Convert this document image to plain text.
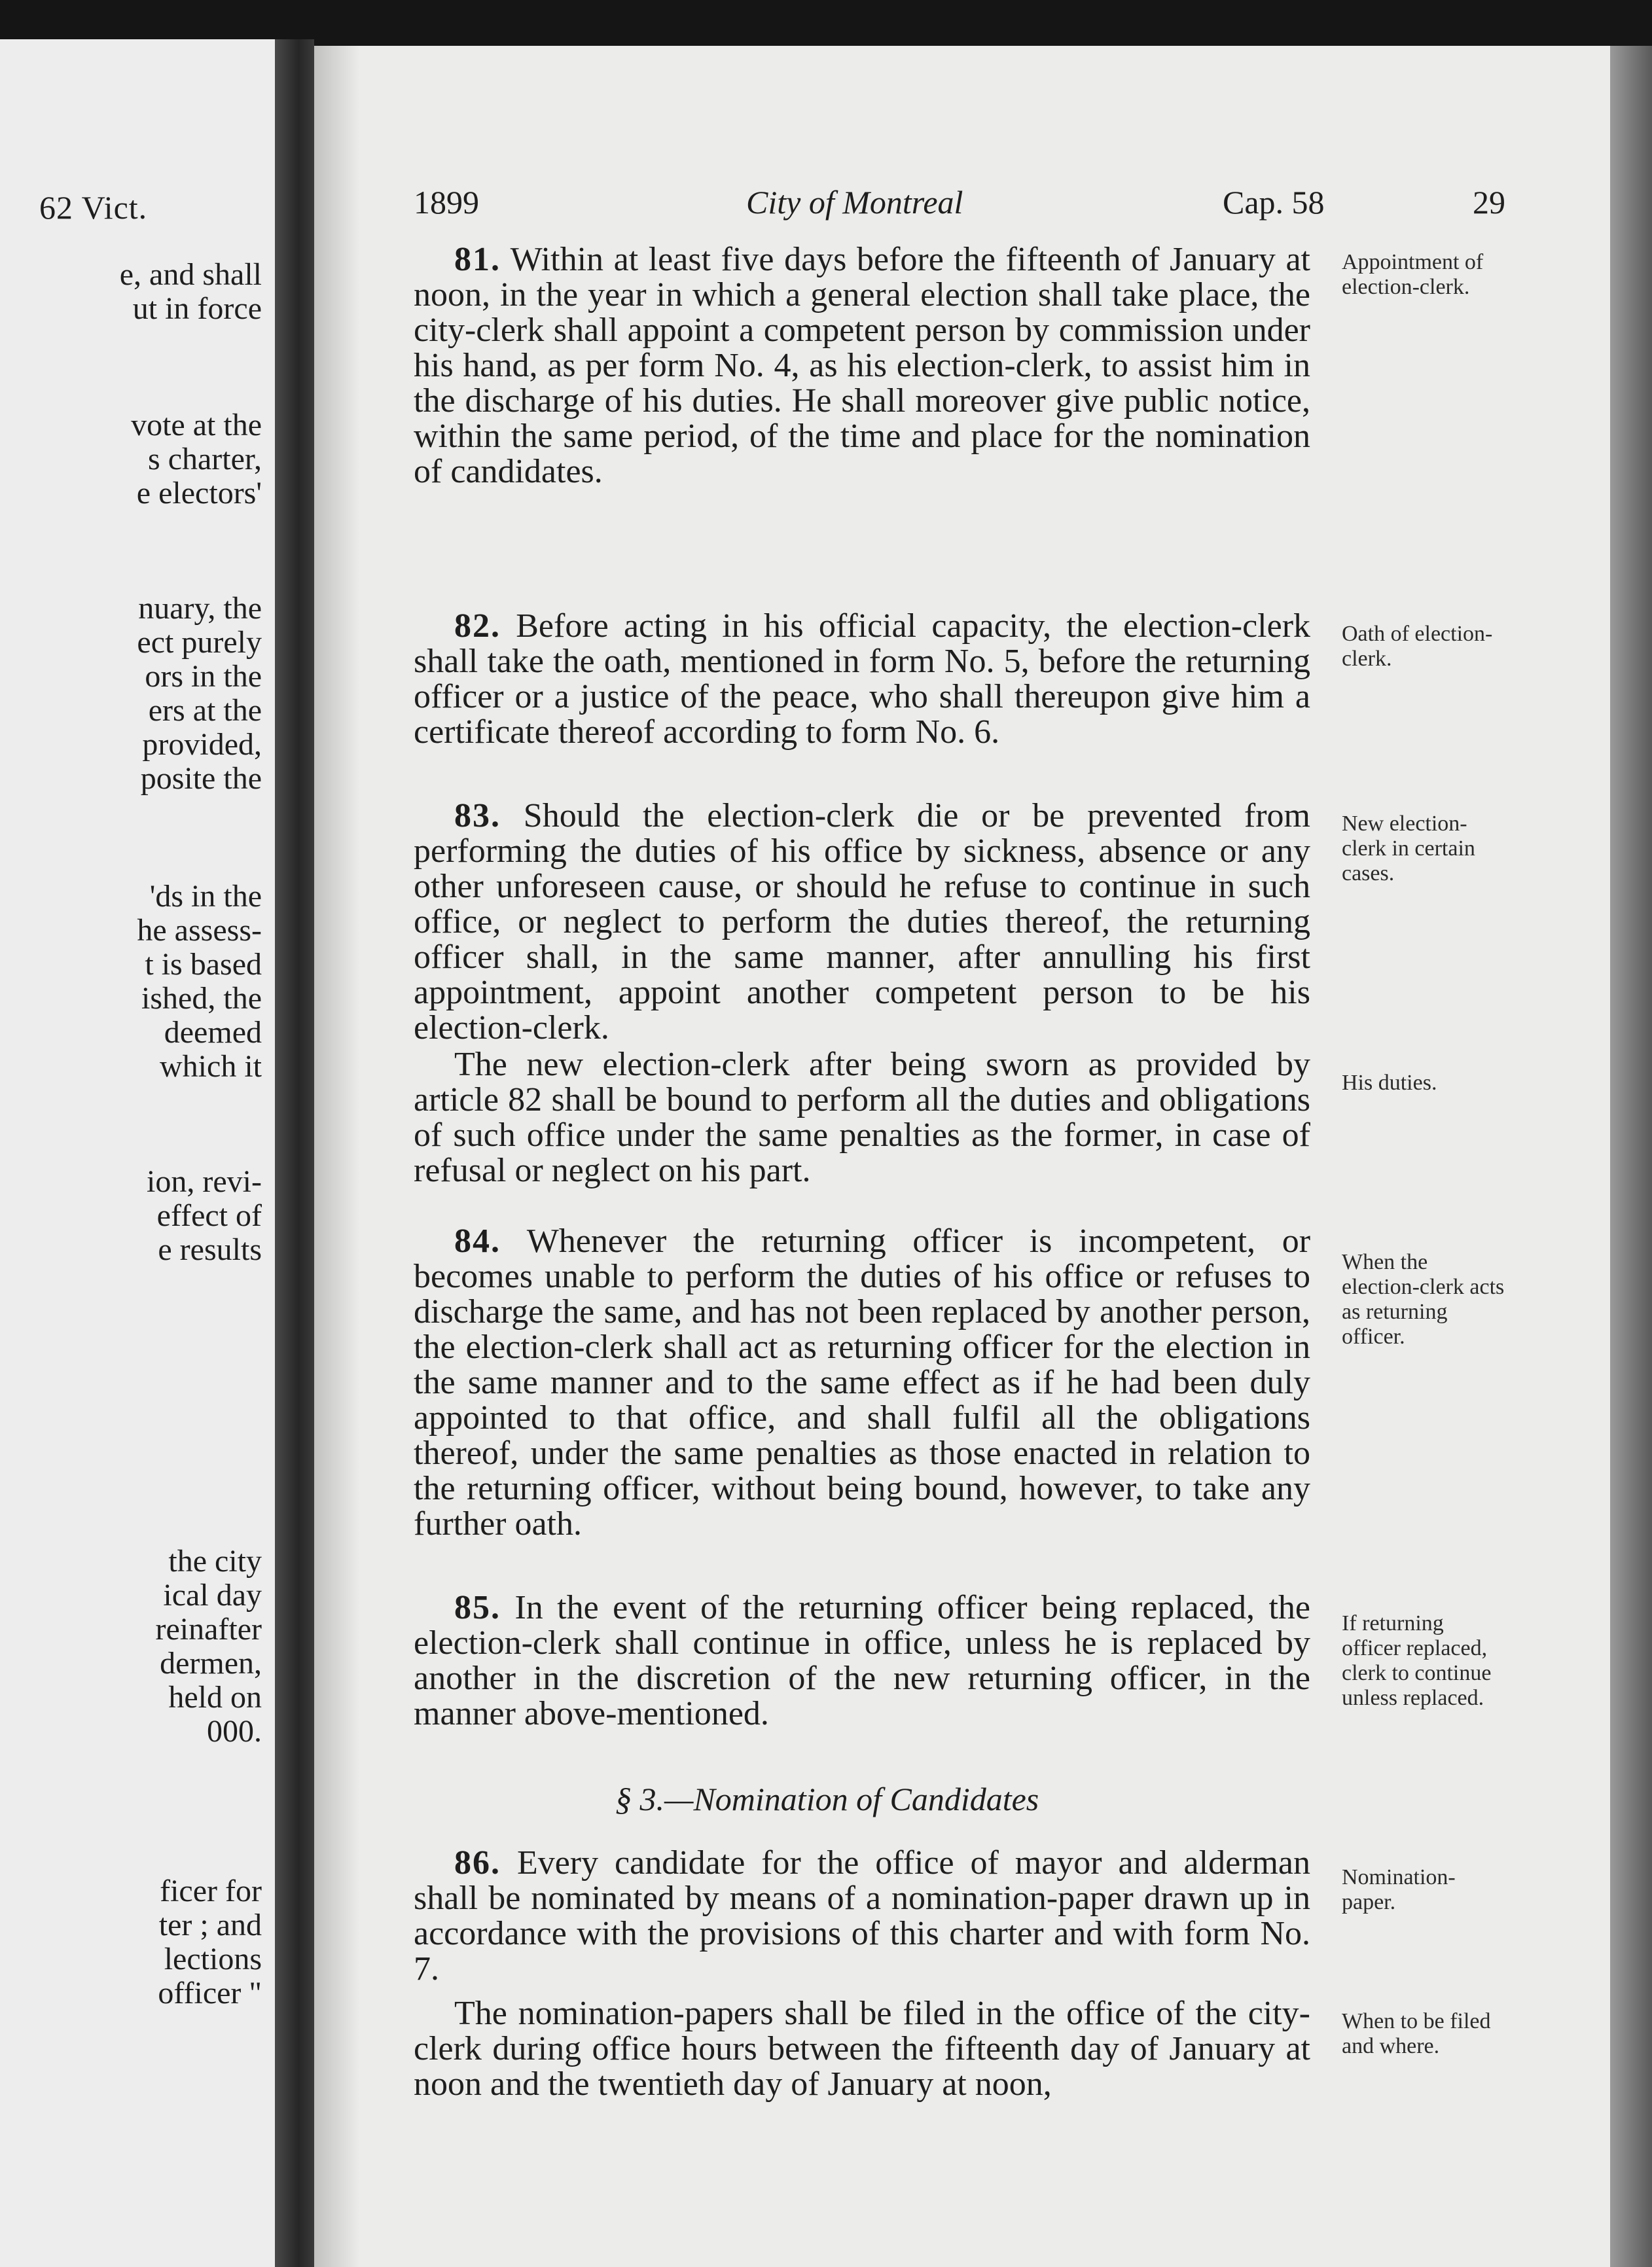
62 Vict.
e, and shall
ut in force
vote at the
s charter,
e electors'
nuary, the
ect purely
ors in the
ers at the
provided,
posite the
'ds in the
he assess-
t is based
ished, the
deemed
which it
ion, revi-
effect of
e results
the city
ical day
reinafter
dermen,
held on
000.
ficer for
ter ; and
lections
officer "
1899	City of Montreal	Cap. 58	29

81. Within at least five days before the fifteenth of January at noon, in the year in which a general election shall take place, the city-clerk shall appoint a competent person by commission under his hand, as per form No. 4, as his election-clerk, to assist him in the discharge of his duties. He shall moreover give public notice, within the same period, of the time and place for the nomination of candidates.

Appointment of election-clerk.

82. Before acting in his official capacity, the election-clerk shall take the oath, mentioned in form No. 5, before the returning officer or a justice of the peace, who shall thereupon give him a certificate thereof according to form No. 6.

Oath of election-clerk.

83. Should the election-clerk die or be prevented from performing the duties of his office by sickness, absence or any other unforeseen cause, or should he refuse to continue in such office, or neglect to perform the duties thereof, the returning officer shall, in the same manner, after annulling his first appointment, appoint another competent person to be his election-clerk.

New election-clerk in certain cases.

The new election-clerk after being sworn as provided by article 82 shall be bound to perform all the duties and obligations of such office under the same penalties as the former, in case of refusal or neglect on his part.

His duties.

84. Whenever the returning officer is incompetent, or becomes unable to perform the duties of his office or refuses to discharge the same, and has not been replaced by another person, the election-clerk shall act as returning officer for the election in the same manner and to the same effect as if he had been duly appointed to that office, and shall fulfil all the obligations thereof, under the same penalties as those enacted in relation to the returning officer, without being bound, however, to take any further oath.

When the election-clerk acts as returning officer.

85. In the event of the returning officer being replaced, the election-clerk shall continue in office, unless he is replaced by another in the discretion of the new returning officer, in the manner above-mentioned.

If returning officer replaced, clerk to continue unless replaced.
§ 3.—Nomination of Candidates

86. Every candidate for the office of mayor and alderman shall be nominated by means of a nomination-paper drawn up in accordance with the provisions of this charter and with form No. 7.

Nomination-paper.

The nomination-papers shall be filed in the office of the city-clerk during office hours between the fifteenth day of January at noon and the twentieth day of January at noon,

When to be filed and where.
